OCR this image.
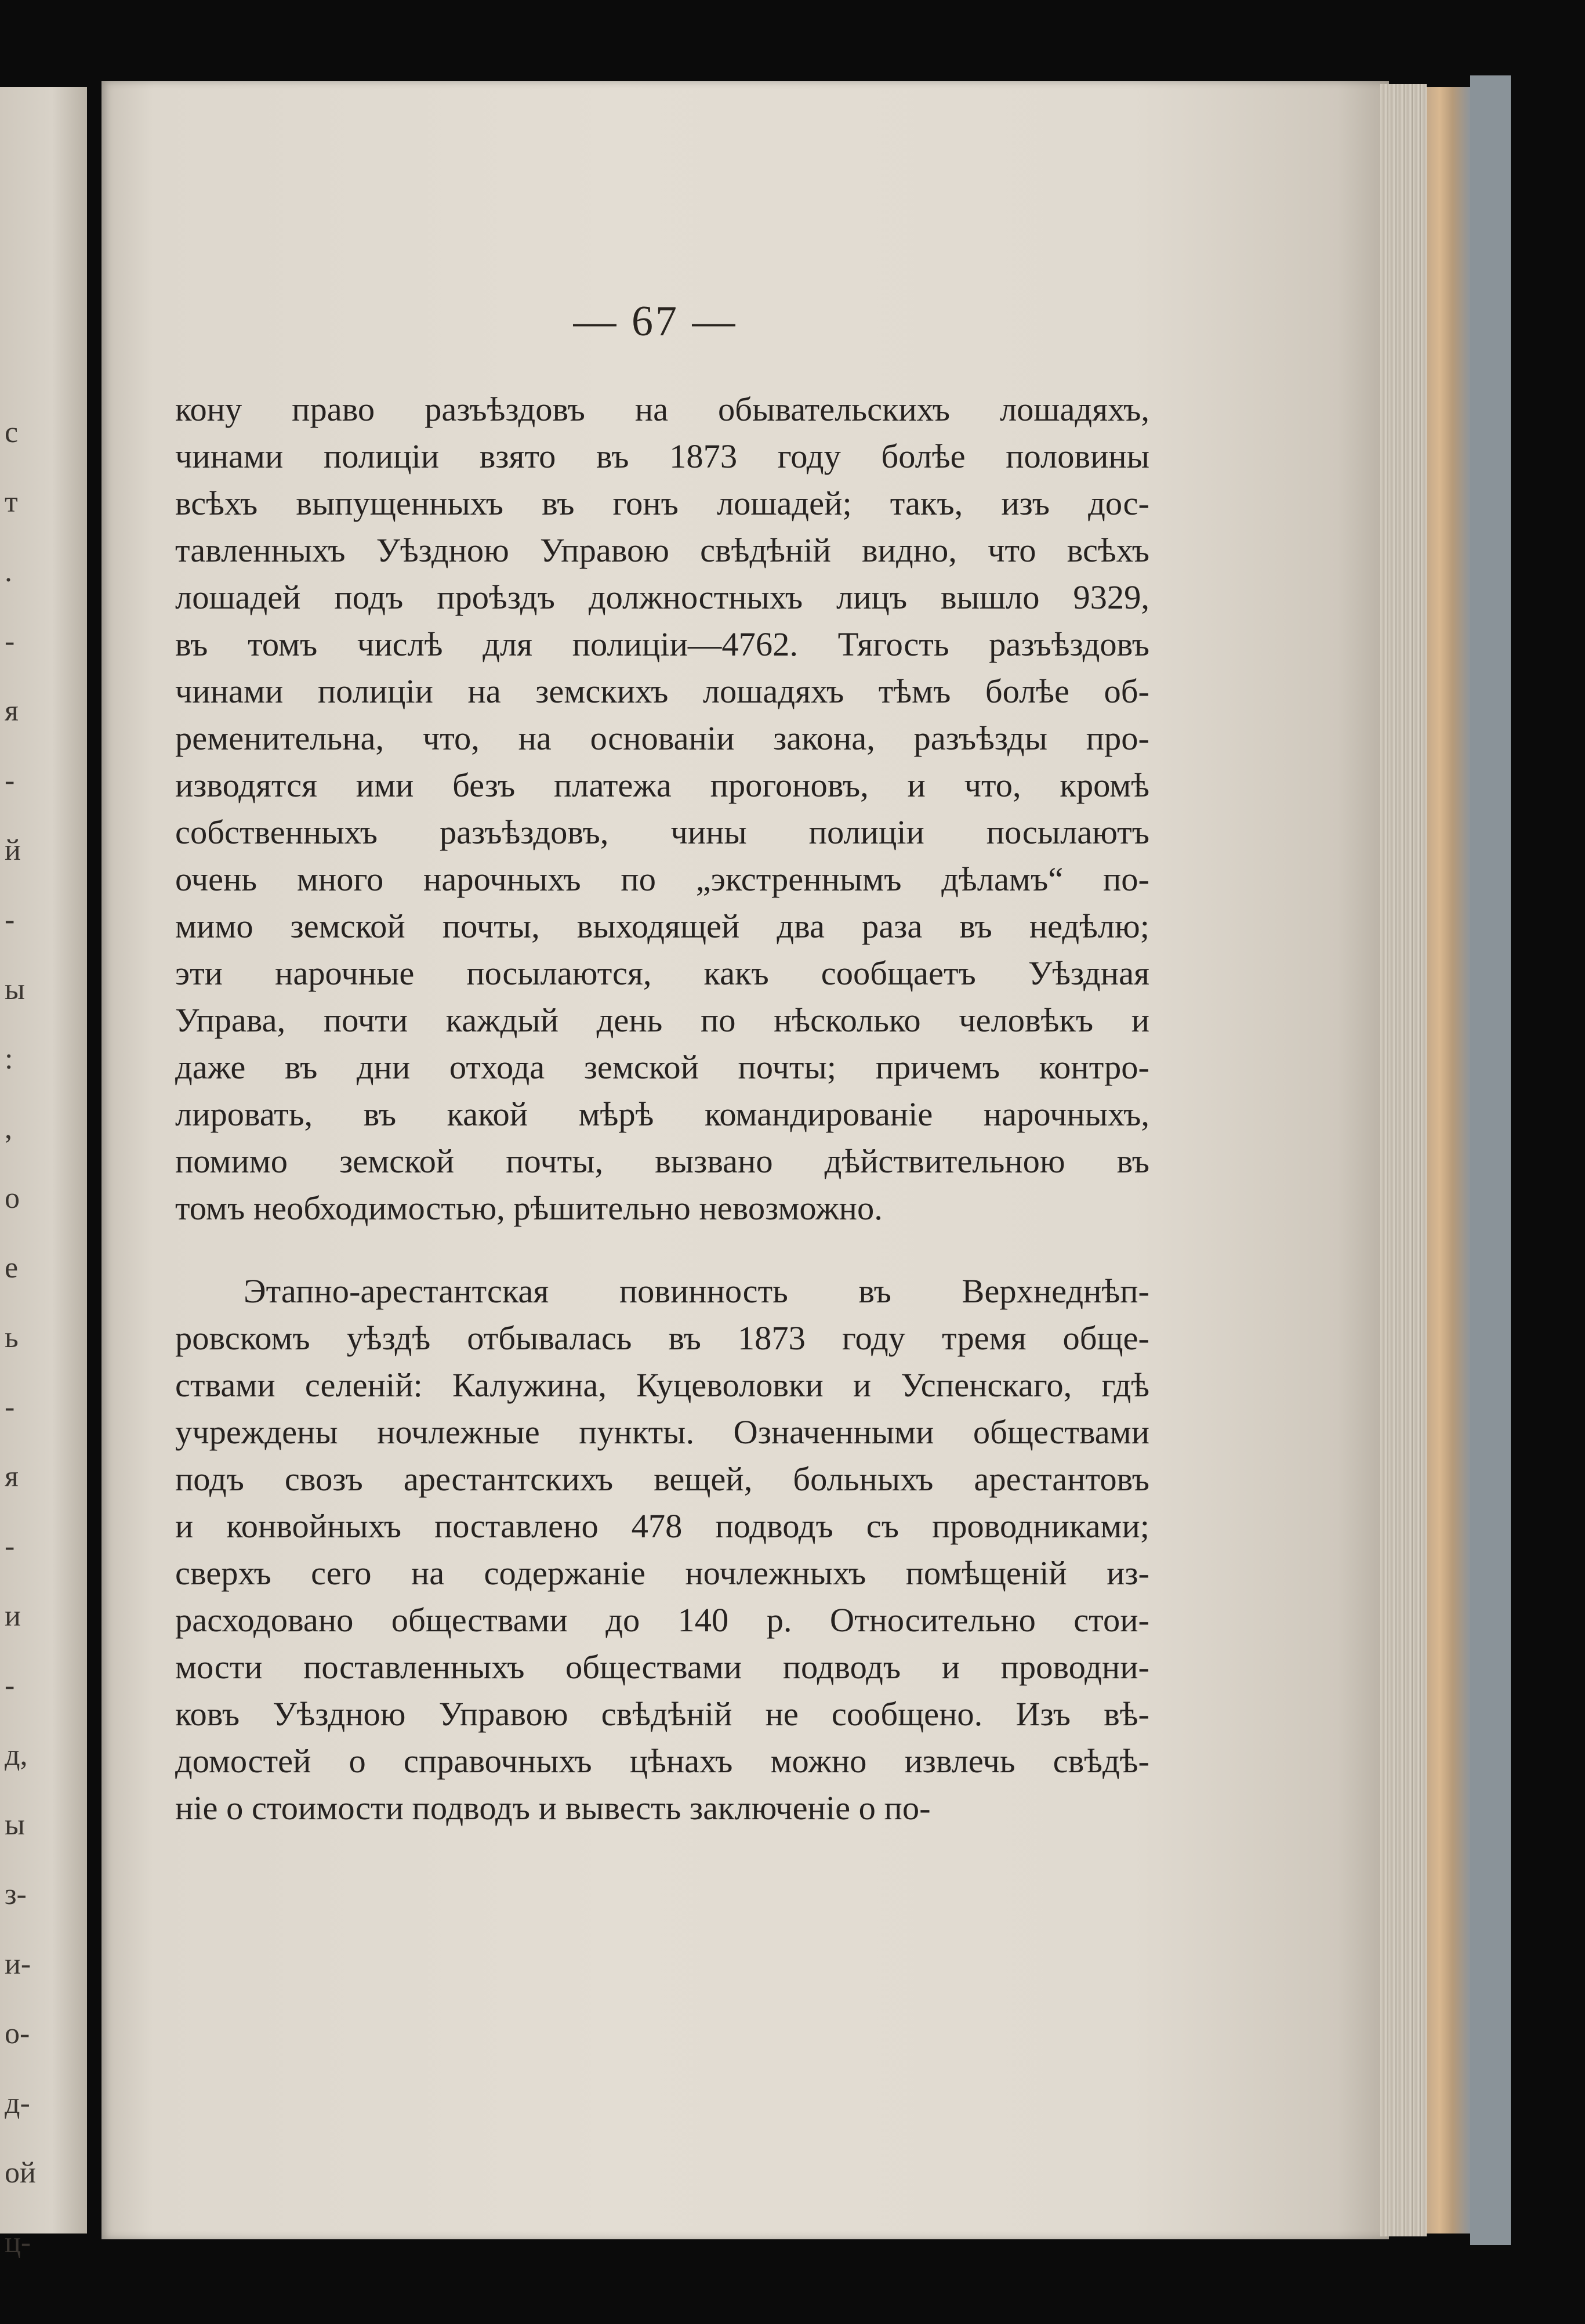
с
т
.
-
я
-
й
-
ы
:
,
о
е
ь
-
я
-
и
-
д,
ы
з-
и-
о-
д-
ой
ц-
— 67 —
кону право разъѣздовъ на обывательскихъ лошадяхъ,
чинами полицiи взято въ 1873 году болѣе половины
всѣхъ выпущенныхъ въ гонъ лошадей; такъ, изъ дос-
тавленныхъ Уѣздною Управою свѣдѣнiй видно, что всѣхъ
лошадей подъ проѣздъ должностныхъ лицъ вышло 9329,
въ томъ числѣ для полицiи—4762. Тягость разъѣздовъ
чинами полицiи на земскихъ лошадяхъ тѣмъ болѣе об-
ременительна, что, на основанiи закона, разъѣзды про-
изводятся ими безъ платежа прогоновъ, и что, кромѣ
собственныхъ разъѣздовъ, чины полицiи посылаютъ
очень много нарочныхъ по „экстреннымъ дѣламъ“ по-
мимо земской почты, выходящей два раза въ недѣлю;
эти нарочные посылаются, какъ сообщаетъ Уѣздная
Управа, почти каждый день по нѣсколько человѣкъ и
даже въ дни отхода земской почты; причемъ контро-
лировать, въ какой мѣрѣ командированiе нарочныхъ,
помимо земской почты, вызвано дѣйствительною въ
томъ необходимостью, рѣшительно невозможно.
Этапно-арестантская повинность въ Верхнеднѣп-
ровскомъ уѣздѣ отбывалась въ 1873 году тремя обще-
ствами селенiй: Калужина, Куцеволовки и Успенскаго, гдѣ
учреждены ночлежные пункты. Означенными обществами
подъ свозъ арестантскихъ вещей, больныхъ арестантовъ
и конвойныхъ поставлено 478 подводъ съ проводниками;
сверхъ сего на содержанiе ночлежныхъ помѣщенiй из-
расходовано обществами до 140 р. Относительно стои-
мости поставленныхъ обществами подводъ и проводни-
ковъ Уѣздною Управою свѣдѣнiй не сообщено. Изъ вѣ-
домостей о справочныхъ цѣнахъ можно извлечь свѣдѣ-
нiе о стоимости подводъ и вывесть заключенiе о по-
